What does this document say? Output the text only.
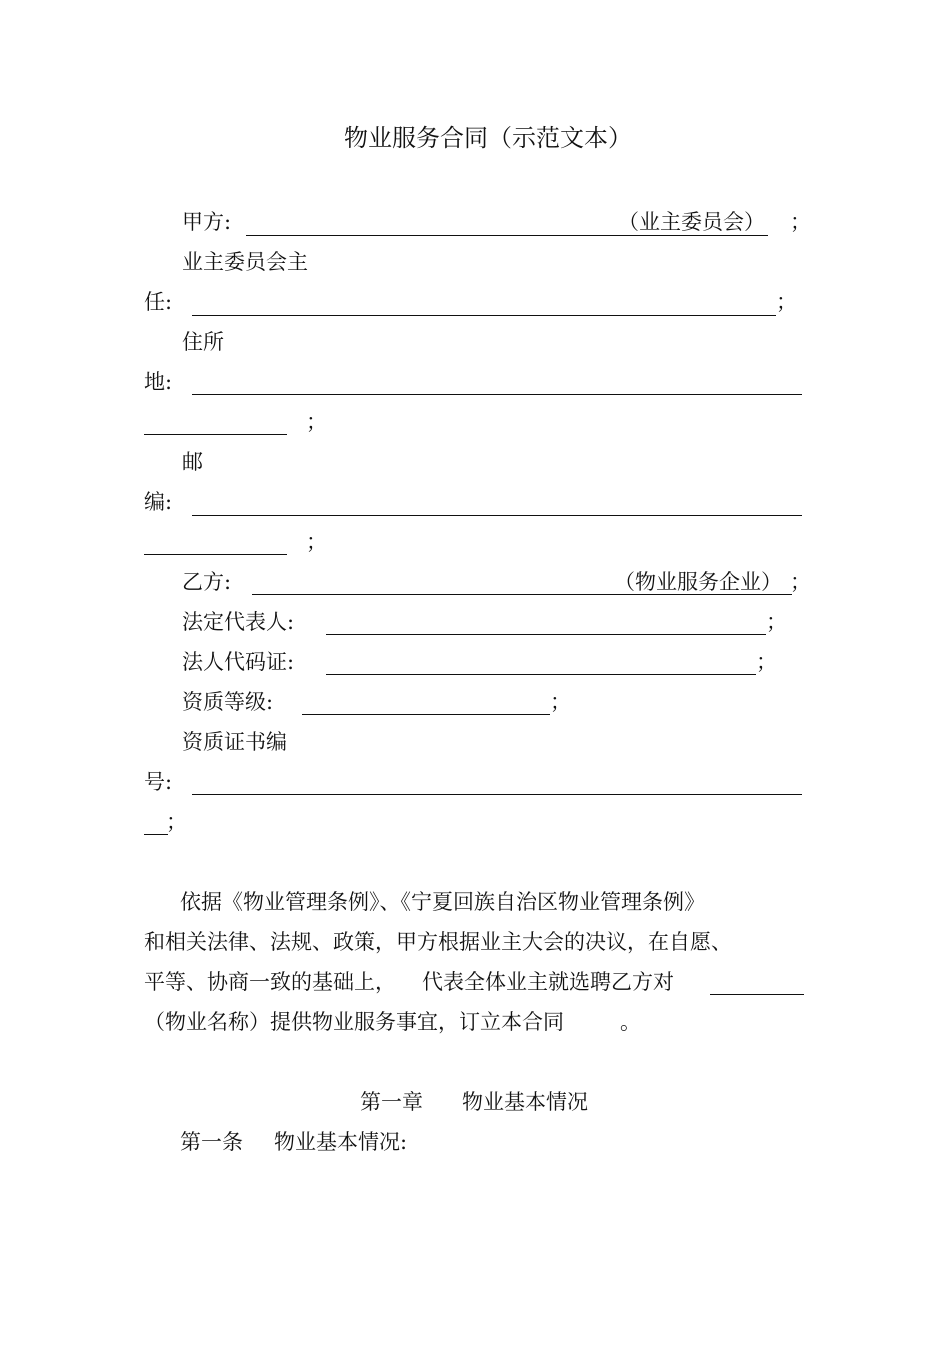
物业服务合同（示范文本）
甲方:	（业主委员会） ；
业主委员会主
任:	；
住所
地:
；
邮
编:
；
乙方:	（物业服务企业） ；
法定代表人:	；
法人代码证:	；
资质等级:	；
资质证书编
号:
；
依据《物业管理条例》、《宁夏回族自治区物业管理条例》
和相关法律、法规、政策，甲方根据业主大会的决议，在自愿、
平等、协商一致的基础上， 代表全体业主就选聘乙方对
（物业名称）提供物业服务事宜，订立本合同	。
第一章 物业基本情况
第一条 物业基本情况:
